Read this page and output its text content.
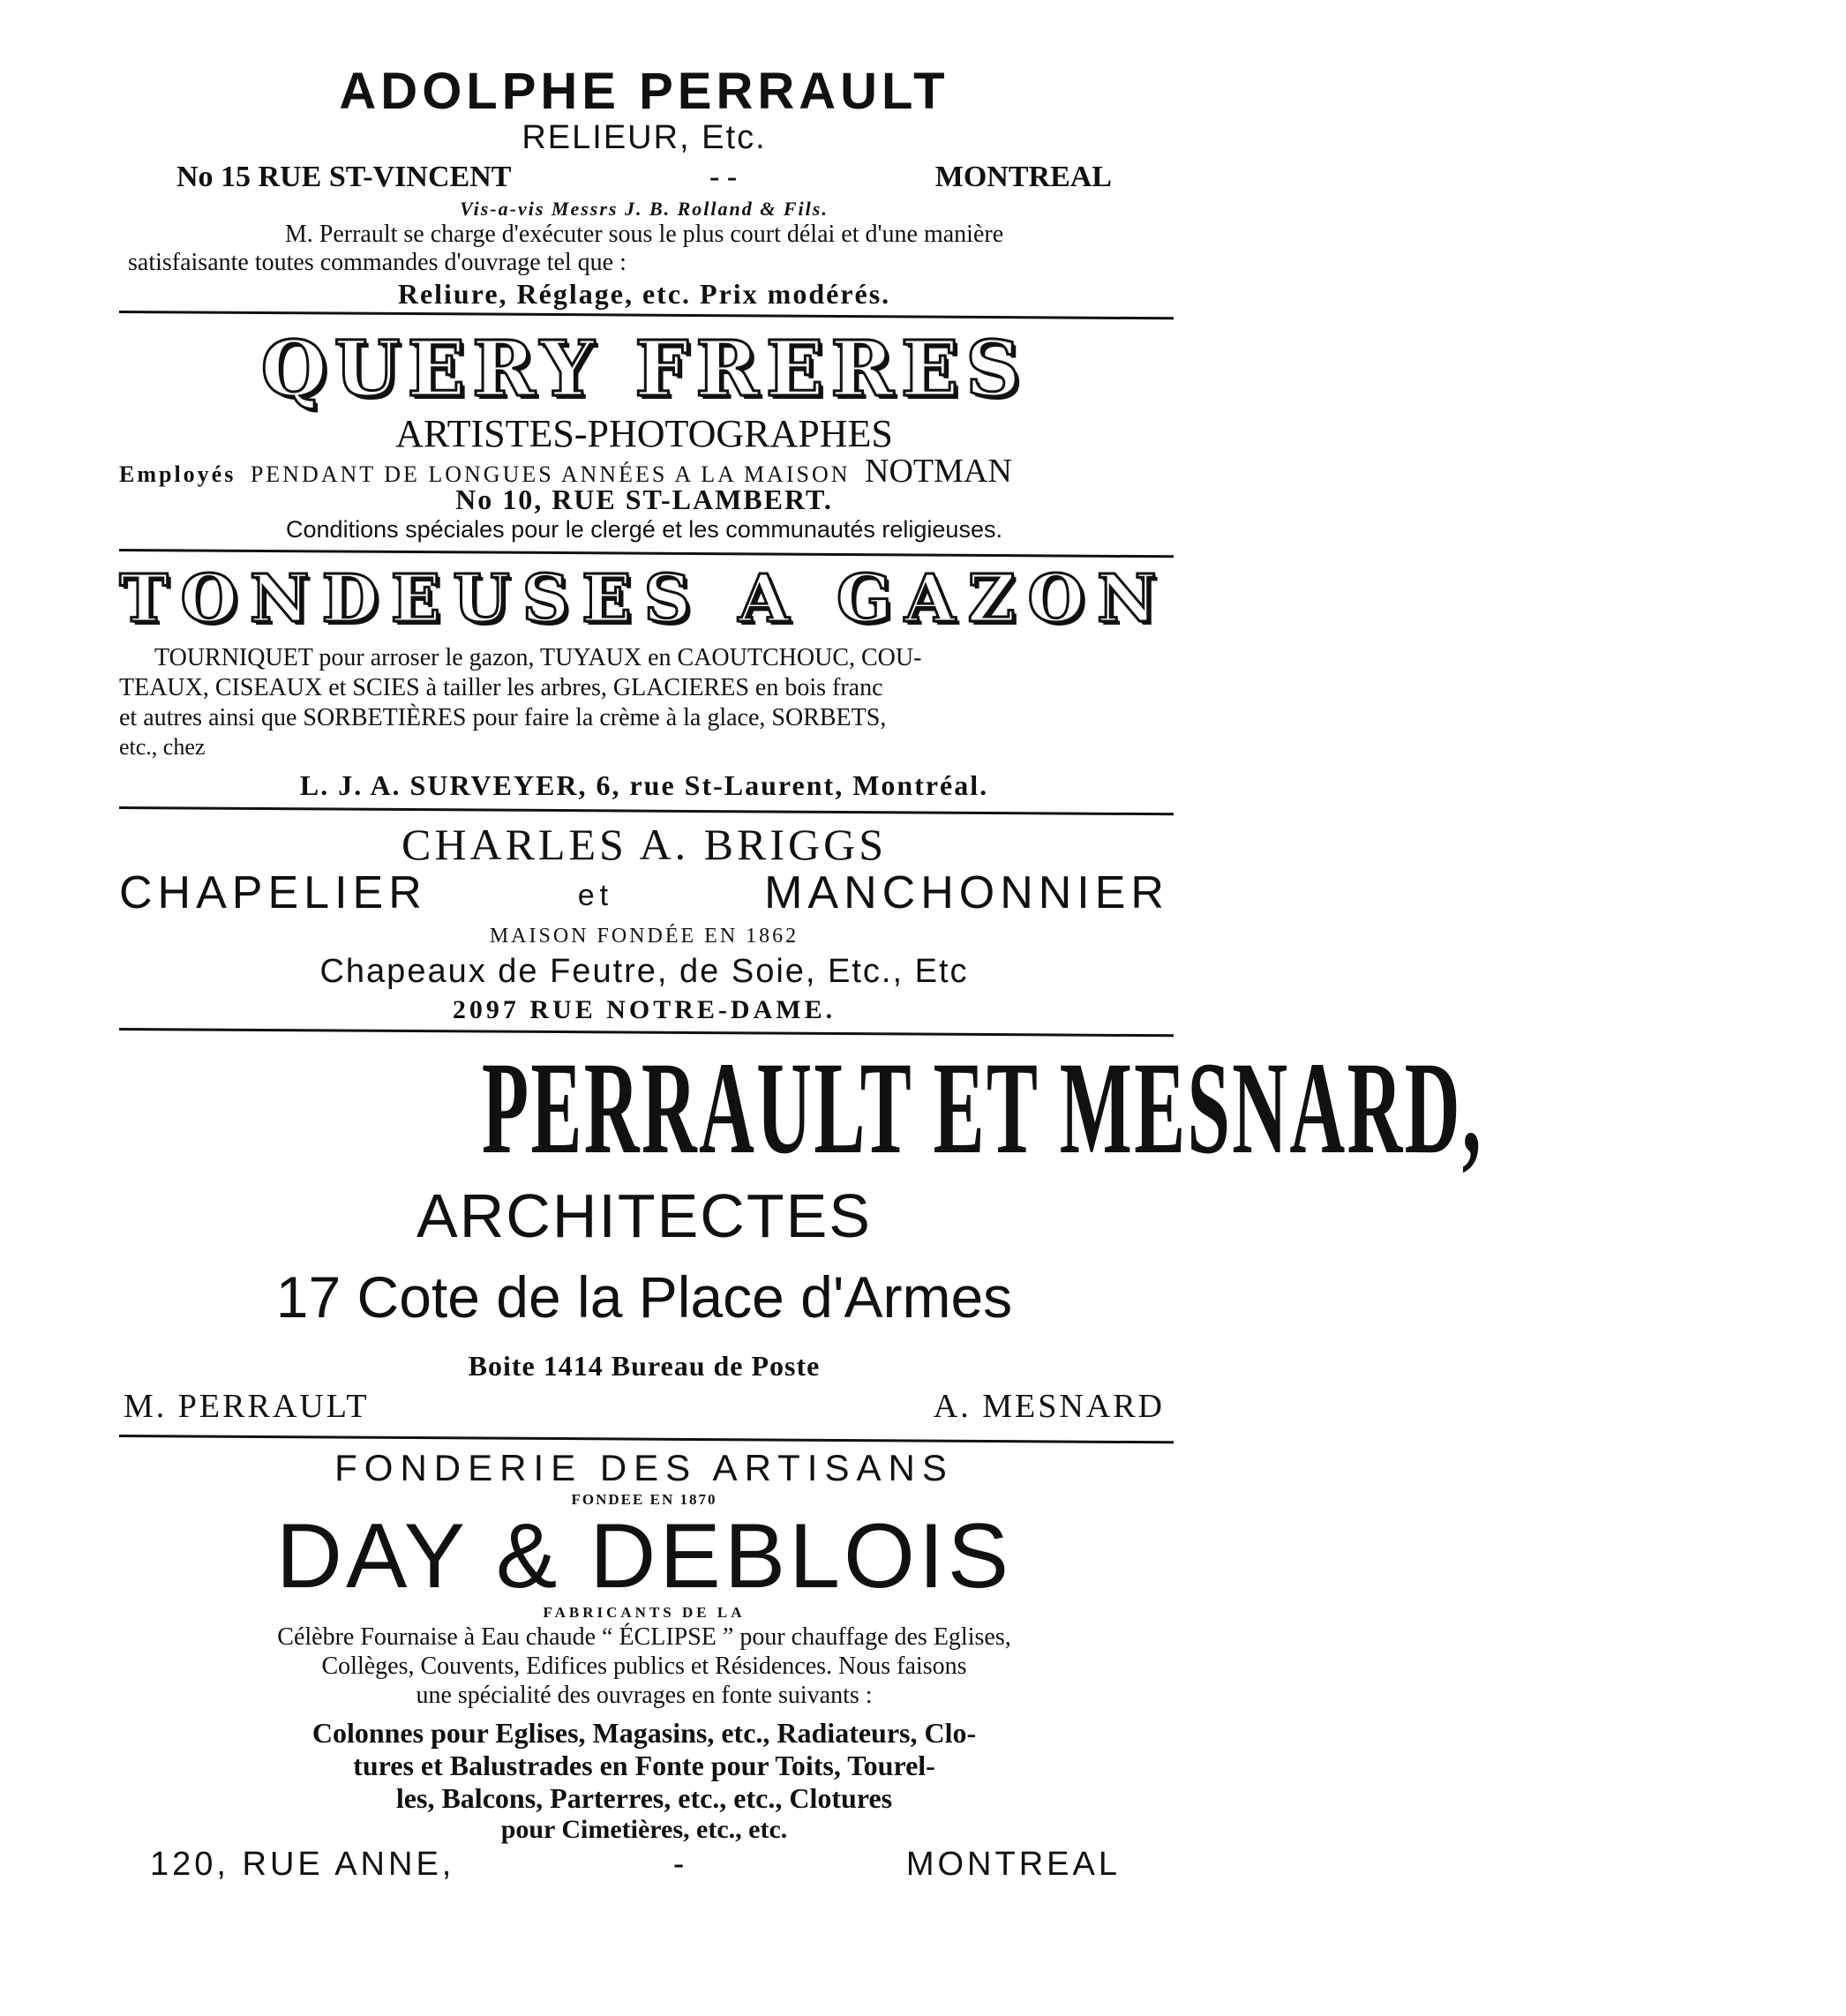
ADOLPHE PERRAULT
RELIEUR, Etc.
No 15 RUE ST-VINCENT	- -	MONTREAL
Vis-a-vis Messrs J. B. Rolland & Fils.
M. Perrault se charge d'exécuter sous le plus court délai et d'une manière
satisfaisante toutes commandes d'ouvrage tel que :
Reliure, Réglage, etc. Prix modérés.
QUERY FRERES
ARTISTES-PHOTOGRAPHES
Employés PENDANT DE LONGUES ANNÉES A LA MAISON NOTMAN
No 10, RUE ST-LAMBERT.
Conditions spéciales pour le clergé et les communautés religieuses.
TONDEUSES A GAZON
TOURNIQUET pour arroser le gazon, TUYAUX en CAOUTCHOUC, COU-
TEAUX, CISEAUX et SCIES à tailler les arbres, GLACIERES en bois franc
et autres ainsi que SORBETIÈRES pour faire la crème à la glace, SORBETS,
etc., chez
L. J. A. SURVEYER, 6, rue St-Laurent, Montréal.
CHARLES A. BRIGGS
CHAPELIER	et	MANCHONNIER
MAISON FONDÉE EN 1862
Chapeaux de Feutre, de Soie, Etc., Etc
2097 RUE NOTRE-DAME.
PERRAULT ET MESNARD,
ARCHITECTES
17 Cote de la Place d'Armes
Boite 1414 Bureau de Poste
M. PERRAULT	A. MESNARD
FONDERIE DES ARTISANS
FONDEE EN 1870
DAY & DEBLOIS
FABRICANTS DE LA
Célèbre Fournaise à Eau chaude “ ÉCLIPSE ” pour chauffage des Eglises,
Collèges, Couvents, Edifices publics et Résidences. Nous faisons
une spécialité des ouvrages en fonte suivants :
Colonnes pour Eglises, Magasins, etc., Radiateurs, Clo-
tures et Balustrades en Fonte pour Toits, Tourel-
les, Balcons, Parterres, etc., etc., Clotures
pour Cimetières, etc., etc.
120, RUE ANNE,	-	MONTREAL
